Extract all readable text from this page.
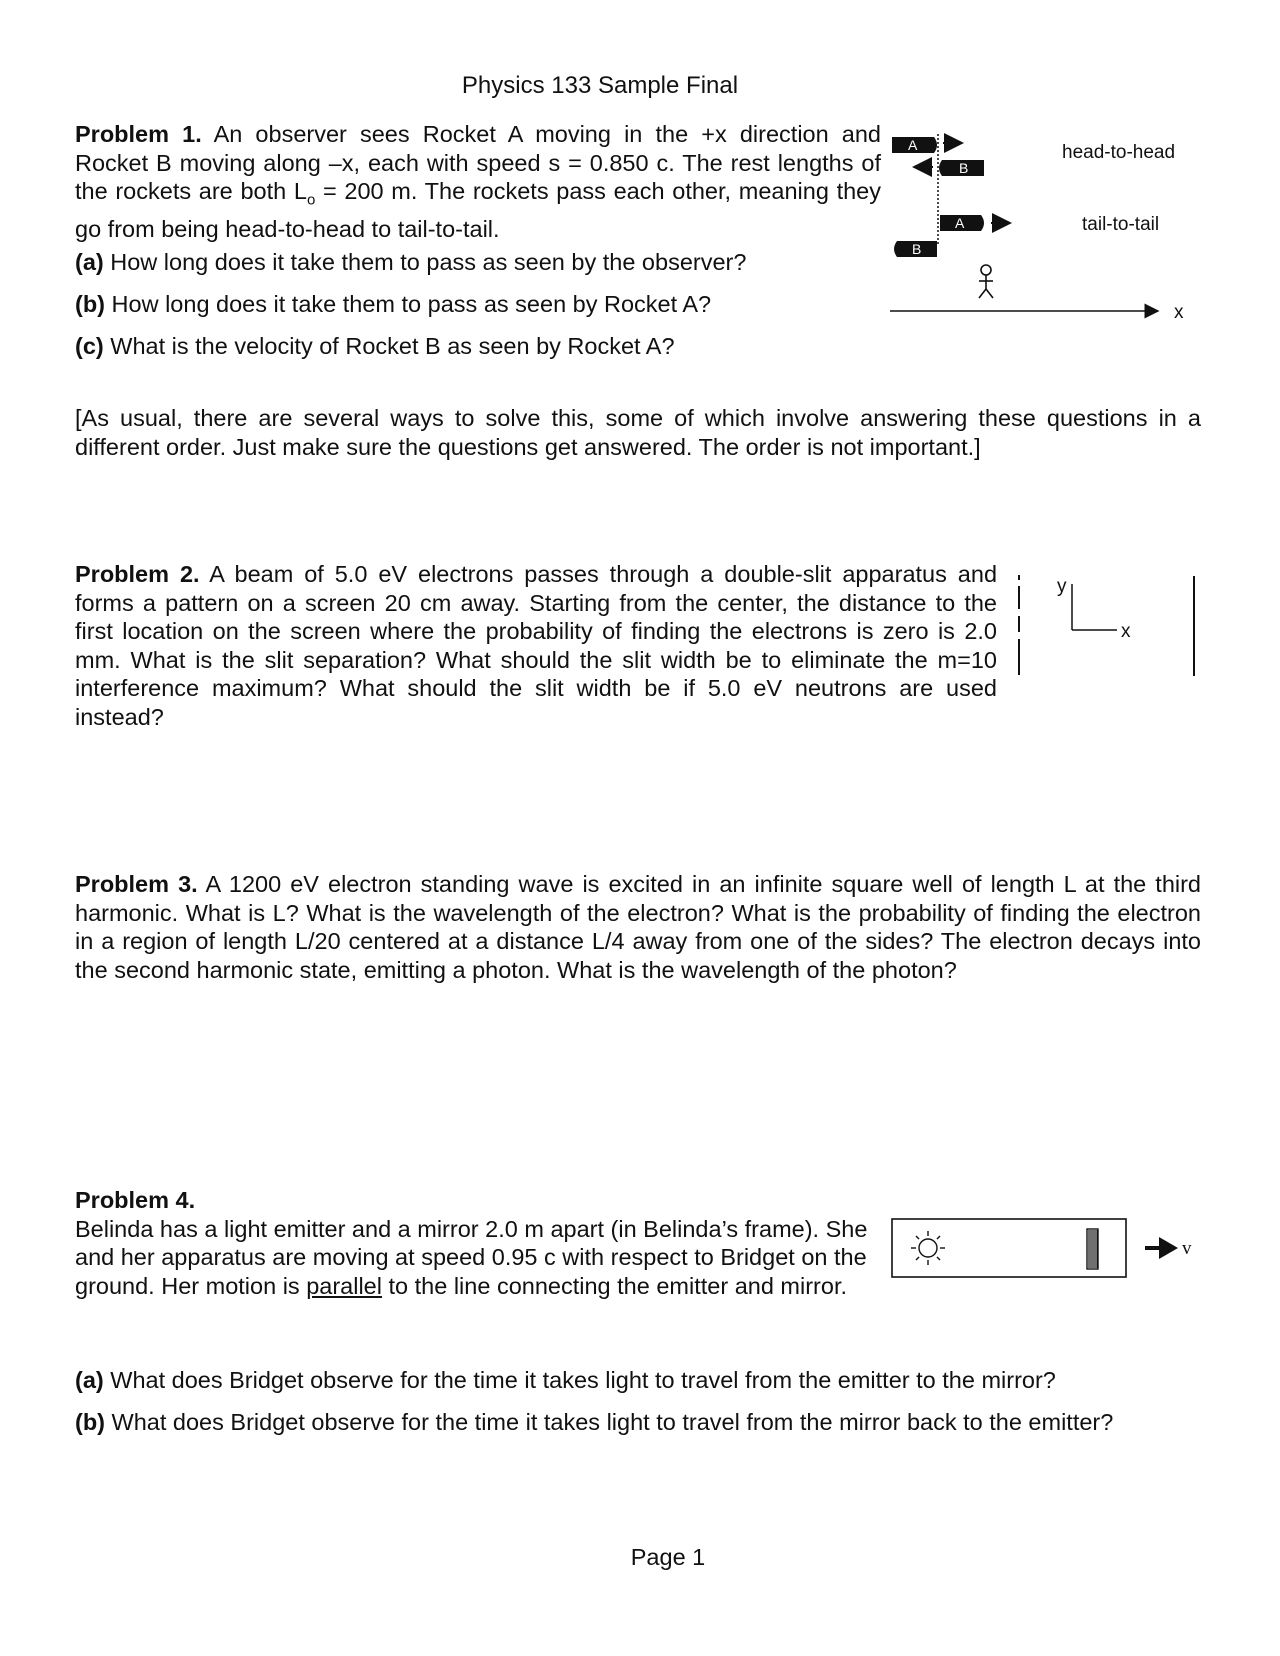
Physics 133 Sample Final

Problem 1. An observer sees Rocket A moving in the +x direction and Rocket B moving along –x, each with speed s = 0.850 c. The rest lengths of the rockets are both $L_o = 200$ m. The rockets pass each other, meaning they go from being head-to-head to tail-to-tail.

(a) How long does it take them to pass as seen by the observer?

(b) How long does it take them to pass as seen by Rocket A?

(c) What is the velocity of Rocket B as seen by Rocket A?

A
B
head-to-head
A	tail-to-tail
B
x

[As usual, there are several ways to solve this, some of which involve answering these questions in a different order. Just make sure the questions get answered. The order is not important.]

Problem 2. A beam of 5.0 eV electrons passes through a double-slit apparatus and forms a pattern on a screen 20 cm away. Starting from the center, the distance to the first location on the screen where the probability of finding the electrons is zero is 2.0 mm. What is the slit separation? What should the slit width be to eliminate the m=10 interference maximum? What should the slit width be if 5.0 eV neutrons are used instead?

y
x

Problem 3. A 1200 eV electron standing wave is excited in an infinite square well of length L at the third harmonic. What is L? What is the wavelength of the electron? What is the probability of finding the electron in a region of length L/20 centered at a distance L/4 away from one of the sides? The electron decays into the second harmonic state, emitting a photon. What is the wavelength of the photon?

Problem 4.

Belinda has a light emitter and a mirror 2.0 m apart (in Belinda’s frame). She and her apparatus are moving at speed 0.95 c with respect to Bridget on the ground. Her motion is parallel to the line connecting the emitter and mirror.

v

(a) What does Bridget observe for the time it takes light to travel from the emitter to the mirror?

(b) What does Bridget observe for the time it takes light to travel from the mirror back to the emitter?

Page 1
